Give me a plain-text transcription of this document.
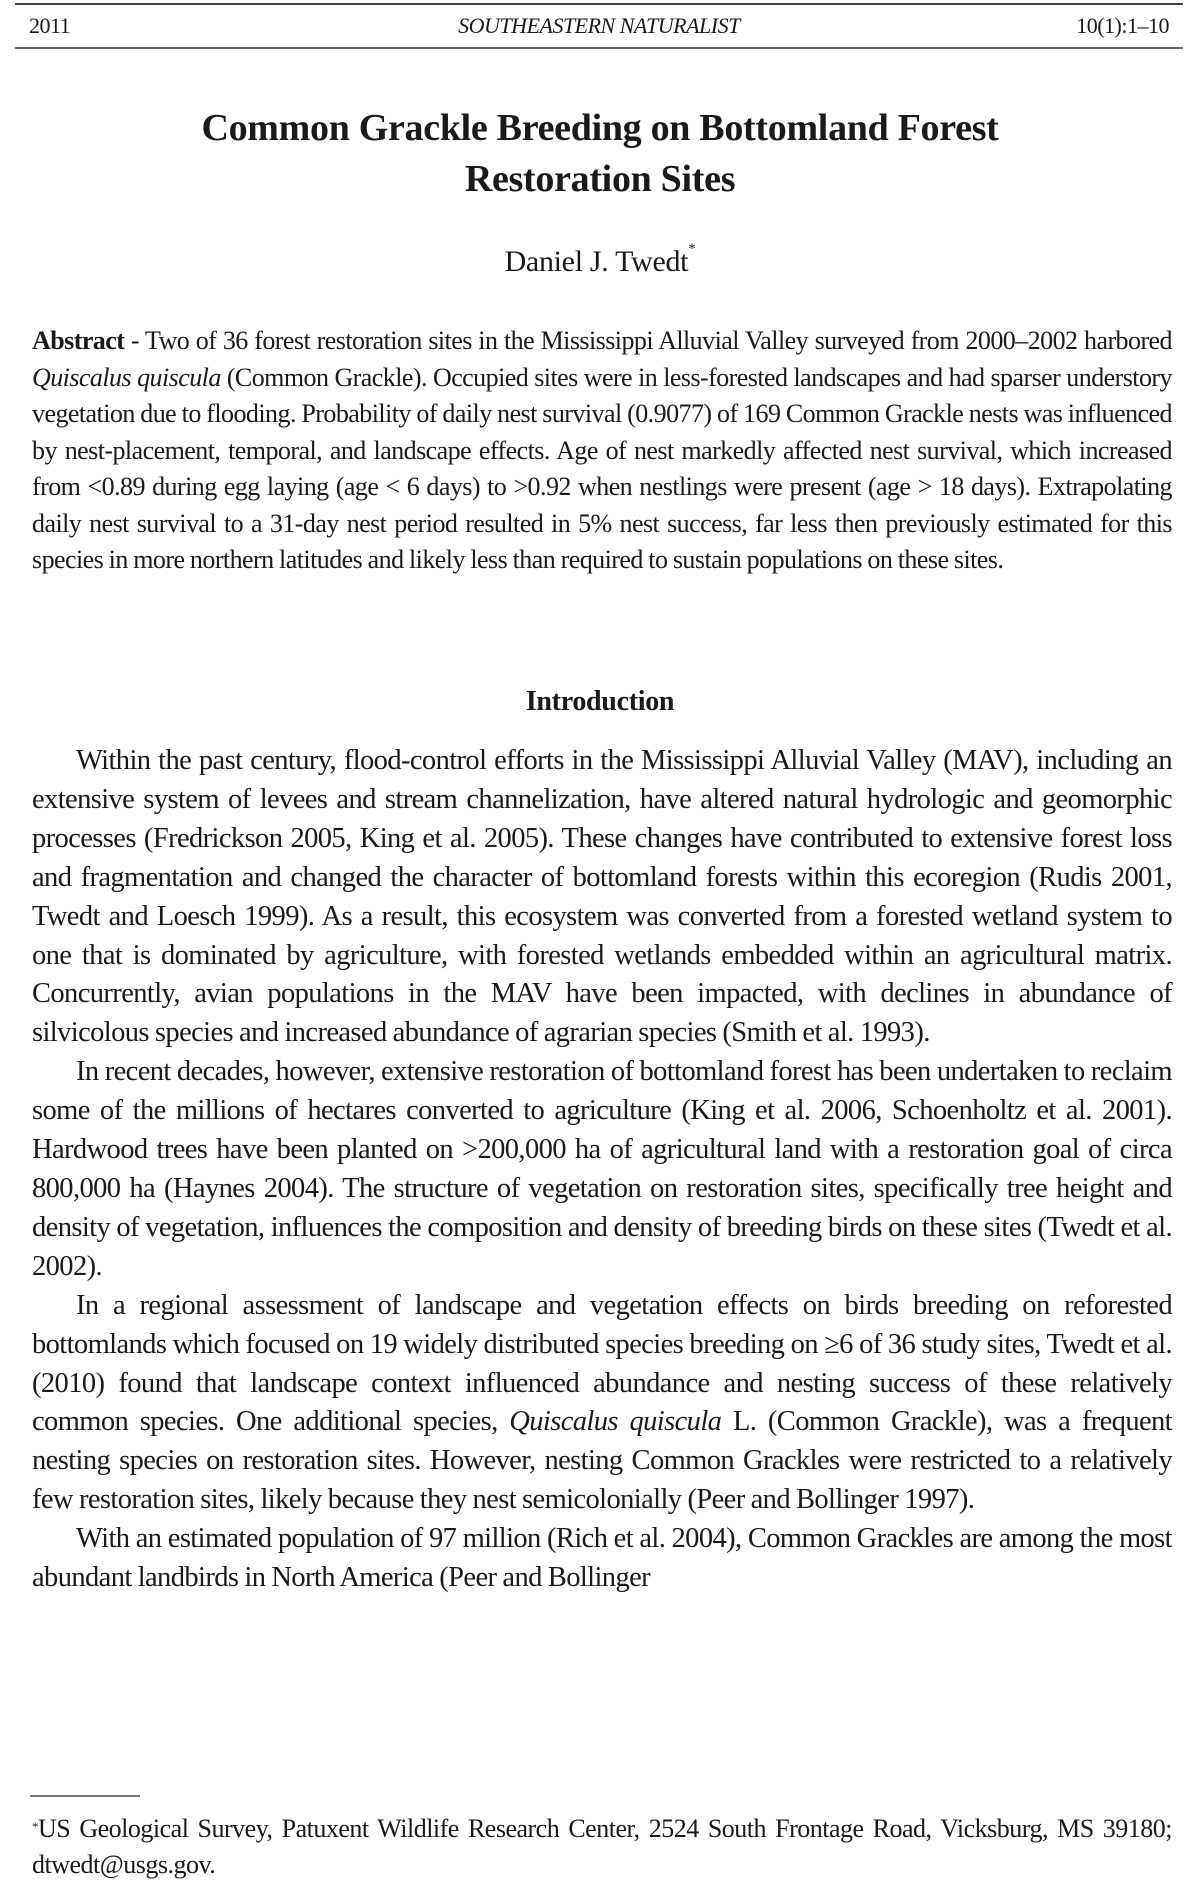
2011	SOUTHEASTERN NATURALIST	10(1):1–10
Common Grackle Breeding on Bottomland Forest
Restoration Sites
Daniel J. Twedt*
Abstract - Two of 36 forest restoration sites in the Mississippi Alluvial Valley surveyed from 2000–2002 harbored Quiscalus quiscula (Common Grackle). Occupied sites were in less-forested landscapes and had sparser understory vegetation due to flooding. Probability of daily nest survival (0.9077) of 169 Common Grackle nests was influenced by nest-placement, temporal, and landscape effects. Age of nest markedly affected nest survival, which increased from <0.89 during egg laying (age < 6 days) to >0.92 when nestlings were present (age > 18 days). Extrapolating daily nest survival to a 31-day nest period resulted in 5% nest success, far less then previously estimated for this species in more northern latitudes and likely less than required to sustain populations on these sites.
Introduction

Within the past century, flood-control efforts in the Mississippi Alluvial Valley (MAV), including an extensive system of levees and stream channelization, have altered natural hydrologic and geomorphic processes (Fredrickson 2005, King et al. 2005). These changes have contributed to extensive forest loss and fragmentation and changed the character of bottomland forests within this ecoregion (Rudis 2001, Twedt and Loesch 1999). As a result, this ecosystem was converted from a forested wetland system to one that is dominated by agriculture, with forested wetlands embedded within an agricultural matrix. Concurrently, avian populations in the MAV have been impacted, with declines in abundance of silvicolous species and increased abundance of agrarian species (Smith et al. 1993).

In recent decades, however, extensive restoration of bottomland forest has been undertaken to reclaim some of the millions of hectares converted to agriculture (King et al. 2006, Schoenholtz et al. 2001). Hardwood trees have been planted on >200,000 ha of agricultural land with a restoration goal of circa 800,000 ha (Haynes 2004). The structure of vegetation on restoration sites, specifically tree height and density of vegetation, influences the composition and density of breeding birds on these sites (Twedt et al. 2002).

In a regional assessment of landscape and vegetation effects on birds breeding on reforested bottomlands which focused on 19 widely distributed species breeding on ≥6 of 36 study sites, Twedt et al. (2010) found that landscape context influenced abundance and nesting success of these relatively common species. One additional species, Quiscalus quiscula L. (Common Grackle), was a frequent nesting species on restoration sites. However, nesting Common Grackles were restricted to a relatively few restoration sites, likely because they nest semicolonially (Peer and Bollinger 1997).

With an estimated population of 97 million (Rich et al. 2004), Common Grackles are among the most abundant landbirds in North America (Peer and Bollinger

*US Geological Survey, Patuxent Wildlife Research Center, 2524 South Frontage Road, Vicksburg, MS 39180; dtwedt@usgs.gov.
